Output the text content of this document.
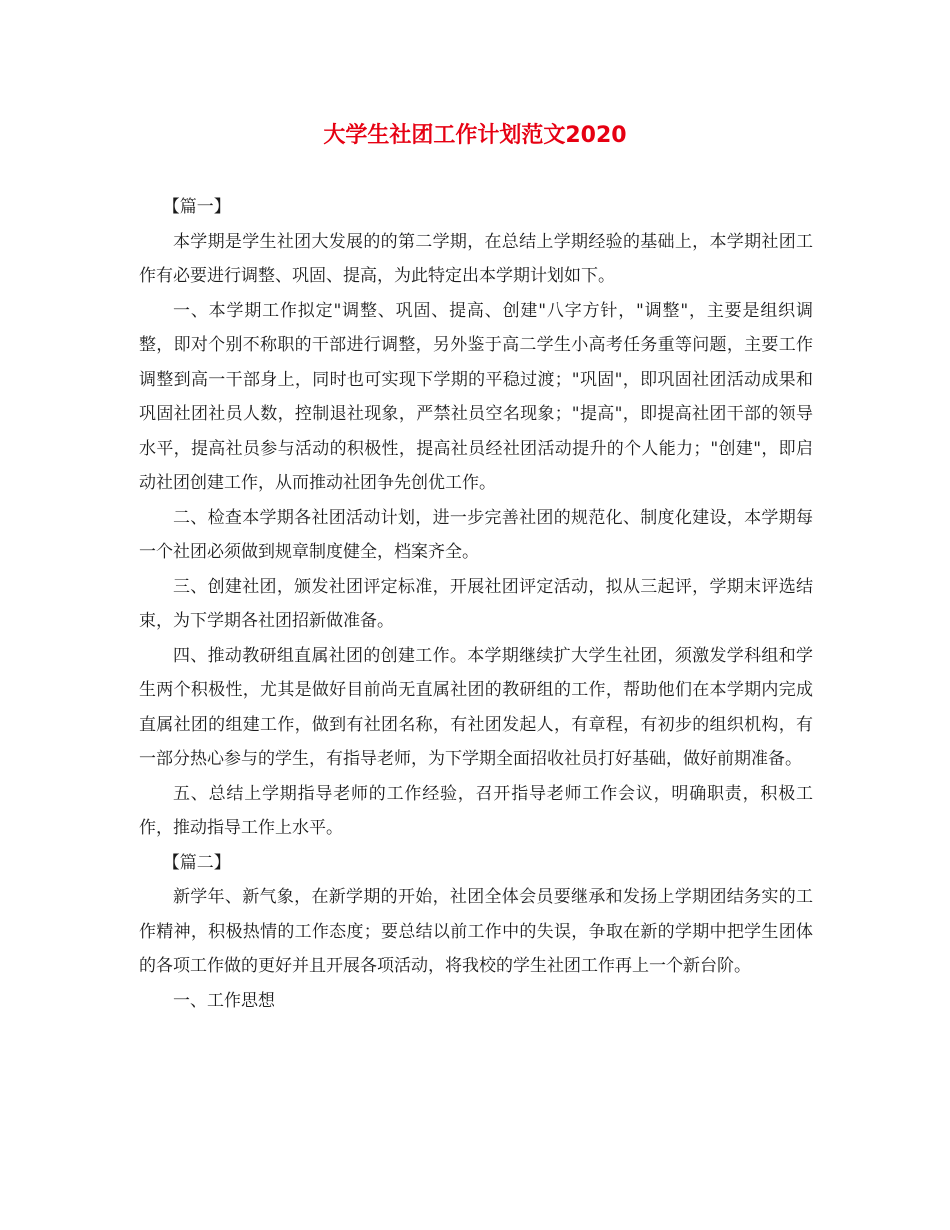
大学生社团工作计划范文2020

【篇一】

本学期是学生社团大发展的的第二学期，在总结上学期经验的基础上，本学期社团工作有必要进行调整、巩固、提高，为此特定出本学期计划如下。

一、本学期工作拟定"调整、巩固、提高、创建"八字方针，"调整"，主要是组织调整，即对个别不称职的干部进行调整，另外鉴于高二学生小高考任务重等问题，主要工作调整到高一干部身上，同时也可实现下学期的平稳过渡；"巩固"，即巩固社团活动成果和巩固社团社员人数，控制退社现象，严禁社员空名现象；"提高"，即提高社团干部的领导水平，提高社员参与活动的积极性，提高社员经社团活动提升的个人能力；"创建"，即启动社团创建工作，从而推动社团争先创优工作。

二、检查本学期各社团活动计划，进一步完善社团的规范化、制度化建设，本学期每一个社团必须做到规章制度健全，档案齐全。

三、创建社团，颁发社团评定标准，开展社团评定活动，拟从三起评，学期末评选结束，为下学期各社团招新做准备。

四、推动教研组直属社团的创建工作。本学期继续扩大学生社团，须激发学科组和学生两个积极性，尤其是做好目前尚无直属社团的教研组的工作，帮助他们在本学期内完成直属社团的组建工作，做到有社团名称，有社团发起人，有章程，有初步的组织机构，有一部分热心参与的学生，有指导老师，为下学期全面招收社员打好基础，做好前期准备。

五、总结上学期指导老师的工作经验，召开指导老师工作会议，明确职责，积极工作，推动指导工作上水平。

【篇二】

新学年、新气象，在新学期的开始，社团全体会员要继承和发扬上学期团结务实的工作精神，积极热情的工作态度；要总结以前工作中的失误，争取在新的学期中把学生团体的各项工作做的更好并且开展各项活动，将我校的学生社团工作再上一个新台阶。

一、工作思想
